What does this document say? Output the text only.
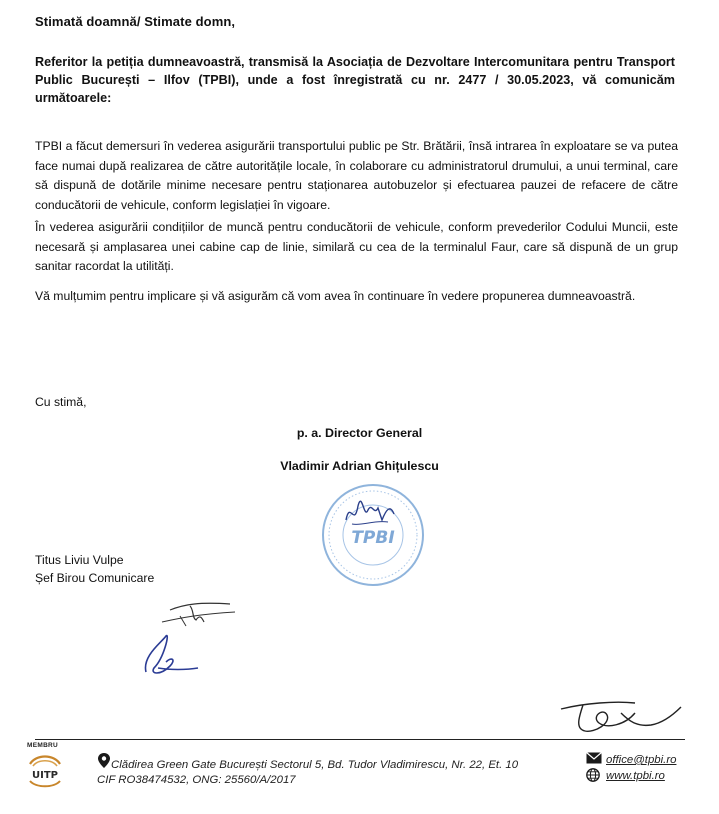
Stimată doamnă/ Stimate domn,
Referitor la petiția dumneavoastră, transmisă la Asociația de Dezvoltare Intercomunitara pentru Transport Public București – Ilfov (TPBI), unde a fost înregistrată cu nr. 2477 / 30.05.2023, vă comunicăm următoarele:
TPBI a făcut demersuri în vederea asigurării transportului public pe Str. Brătării, însă intrarea în exploatare se va putea face numai după realizarea de către autoritățile locale, în colaborare cu administratorul drumului, a unui terminal, care să dispună de dotările minime necesare pentru staționarea autobuzelor și efectuarea pauzei de refacere de către conducătorii de vehicule, conform legislației în vigoare.
În vederea asigurării condițiilor de muncă pentru conducătorii de vehicule, conform prevederilor Codului Muncii, este necesară și amplasarea unei cabine cap de linie, similară cu cea de la terminalul Faur, care să dispună de un grup sanitar racordat la utilități.
Vă mulțumim pentru implicare și vă asigurăm că vom avea în continuare în vedere propunerea dumneavoastră.
Cu stimă,
p. a. Director General
Vladimir Adrian Ghițulescu
TPBI
Titus Liviu Vulpe
Șef Birou Comunicare
MEMBRU
UITP
Clădirea Green Gate București Sectorul 5, Bd. Tudor Vladimirescu, Nr. 22, Et. 10
CIF RO38474532, ONG: 25560/A/2017
office@tpbi.ro
www.tpbi.ro
